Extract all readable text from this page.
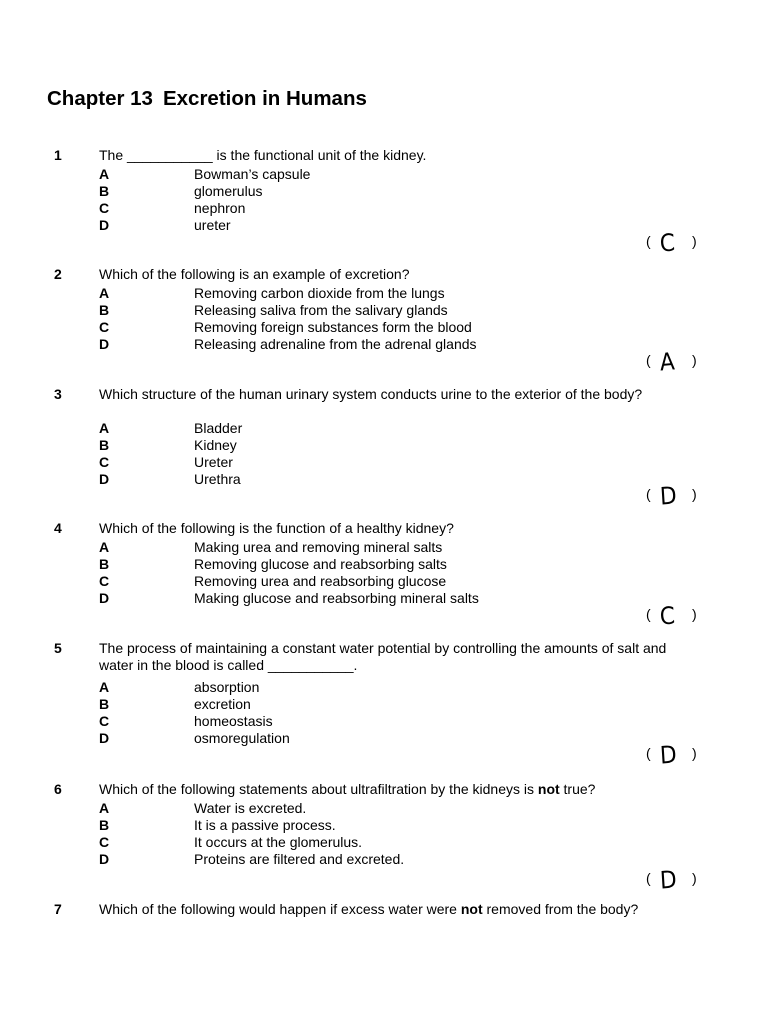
Chapter 13 Excretion in Humans
1	The ___________ is the functional unit of the kidney.
A	Bowman’s capsule
B	glomerulus
C	nephron
D	ureter
( C )
2	Which of the following is an example of excretion?
A	Removing carbon dioxide from the lungs
B	Releasing saliva from the salivary glands
C	Removing foreign substances form the blood
D	Releasing adrenaline from the adrenal glands
( A )
3	Which structure of the human urinary system conducts urine to the exterior of the body?
A	Bladder
B	Kidney
C	Ureter
D	Urethra
( D )
4	Which of the following is the function of a healthy kidney?
A	Making urea and removing mineral salts
B	Removing glucose and reabsorbing salts
C	Removing urea and reabsorbing glucose
D	Making glucose and reabsorbing mineral salts
( C )
5	The process of maintaining a constant water potential by controlling the amounts of salt and water in the blood is called ___________.
A	absorption
B	excretion
C	homeostasis
D	osmoregulation
( D )
6	Which of the following statements about ultrafiltration by the kidneys is not true?
A	Water is excreted.
B	It is a passive process.
C	It occurs at the glomerulus.
D	Proteins are filtered and excreted.
( D )
7	Which of the following would happen if excess water were not removed from the body?
